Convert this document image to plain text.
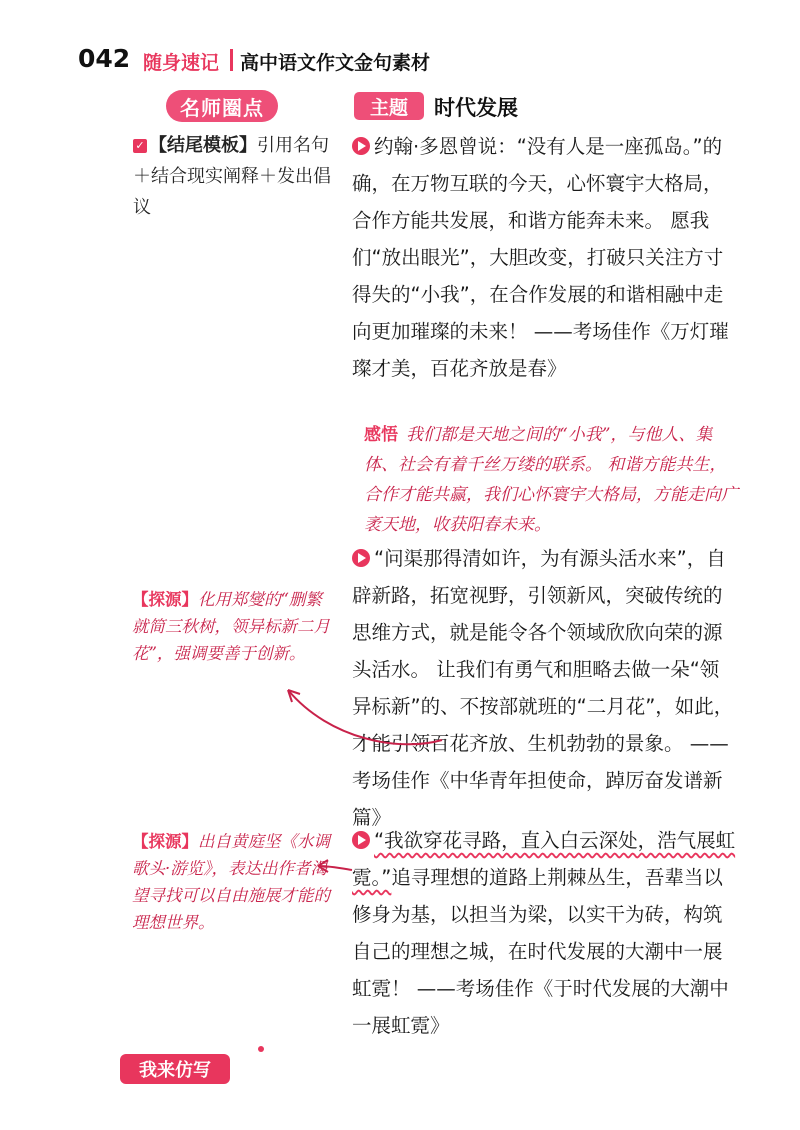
042 随身速记 高中语文作文金句素材
名师圈点	主题	时代发展
✓ 【结尾模板】引用名句＋结合现实阐释＋发出倡议
【探源】化用郑燮的“删繁就简三秋树，领异标新二月花”，强调要善于创新。
【探源】出自黄庭坚《水调歌头·游览》，表达出作者渴望寻找可以自由施展才能的理想世界。
约翰·多恩曾说：“没有人是一座孤岛。”的确，在万物互联的今天，心怀寰宇大格局，合作方能共发展，和谐方能奔未来。 愿我们“放出眼光”，大胆改变，打破只关注方寸得失的“小我”，在合作发展的和谐相融中走向更加璀璨的未来！ ——考场佳作《万灯璀璨才美，百花齐放是春》
感悟 我们都是天地之间的“小我”，与他人、集体、社会有着千丝万缕的联系。 和谐方能共生，合作才能共赢，我们心怀寰宇大格局，方能走向广袤天地，收获阳春未来。
“问渠那得清如许，为有源头活水来”，自辟新路，拓宽视野，引领新风，突破传统的思维方式，就是能令各个领域欣欣向荣的源头活水。 让我们有勇气和胆略去做一朵“领异标新”的、不按部就班的“二月花”，如此，才能引领百花齐放、生机勃勃的景象。 ——考场佳作《中华青年担使命，踔厉奋发谱新篇》
“我欲穿花寻路，直入白云深处，浩气展虹霓。”追寻理想的道路上荆棘丛生，吾辈当以修身为基，以担当为梁，以实干为砖，构筑自己的理想之城，在时代发展的大潮中一展虹霓！ ——考场佳作《于时代发展的大潮中一展虹霓》
我来仿写
